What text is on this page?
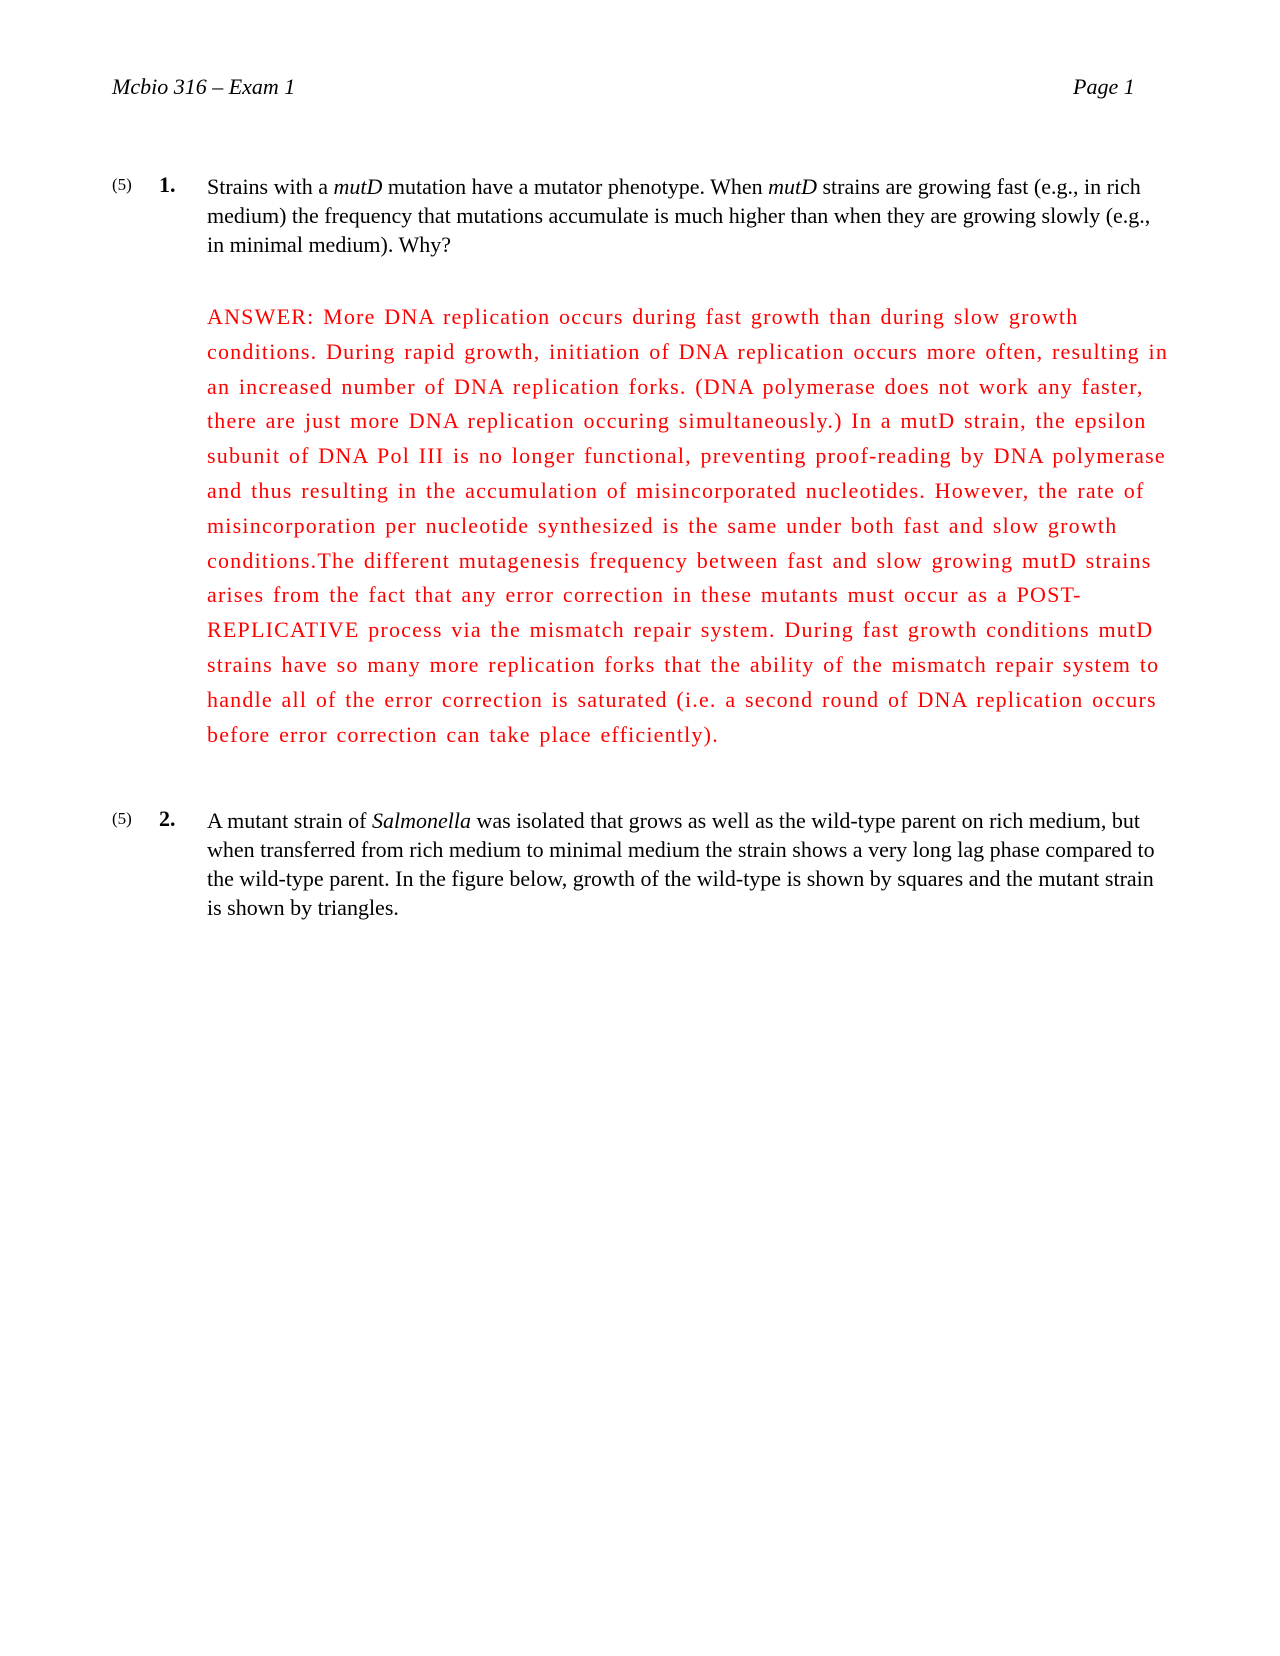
Mcbio 316 – Exam 1	Page 1
(5) 1. Strains with a mutD mutation have a mutator phenotype. When mutD strains are growing fast (e.g., in rich medium) the frequency that mutations accumulate is much higher than when they are growing slowly (e.g., in minimal medium). Why?
ANSWER: More DNA replication occurs during fast growth than during slow growth conditions. During rapid growth, initiation of DNA replication occurs more often, resulting in an increased number of DNA replication forks. (DNA polymerase does not work any faster, there are just more DNA replication occuring simultaneously.) In a mutD strain, the epsilon subunit of DNA Pol III is no longer functional, preventing proof-reading by DNA polymerase and thus resulting in the accumulation of misincorporated nucleotides. However, the rate of misincorporation per nucleotide synthesized is the same under both fast and slow growth conditions.The different mutagenesis frequency between fast and slow growing mutD strains arises from the fact that any error correction in these mutants must occur as a POST-REPLICATIVE process via the mismatch repair system. During fast growth conditions mutD strains have so many more replication forks that the ability of the mismatch repair system to handle all of the error correction is saturated (i.e. a second round of DNA replication occurs before error correction can take place efficiently).
(5) 2. A mutant strain of Salmonella was isolated that grows as well as the wild-type parent on rich medium, but when transferred from rich medium to minimal medium the strain shows a very long lag phase compared to the wild-type parent. In the figure below, growth of the wild-type is shown by squares and the mutant strain is shown by triangles.
